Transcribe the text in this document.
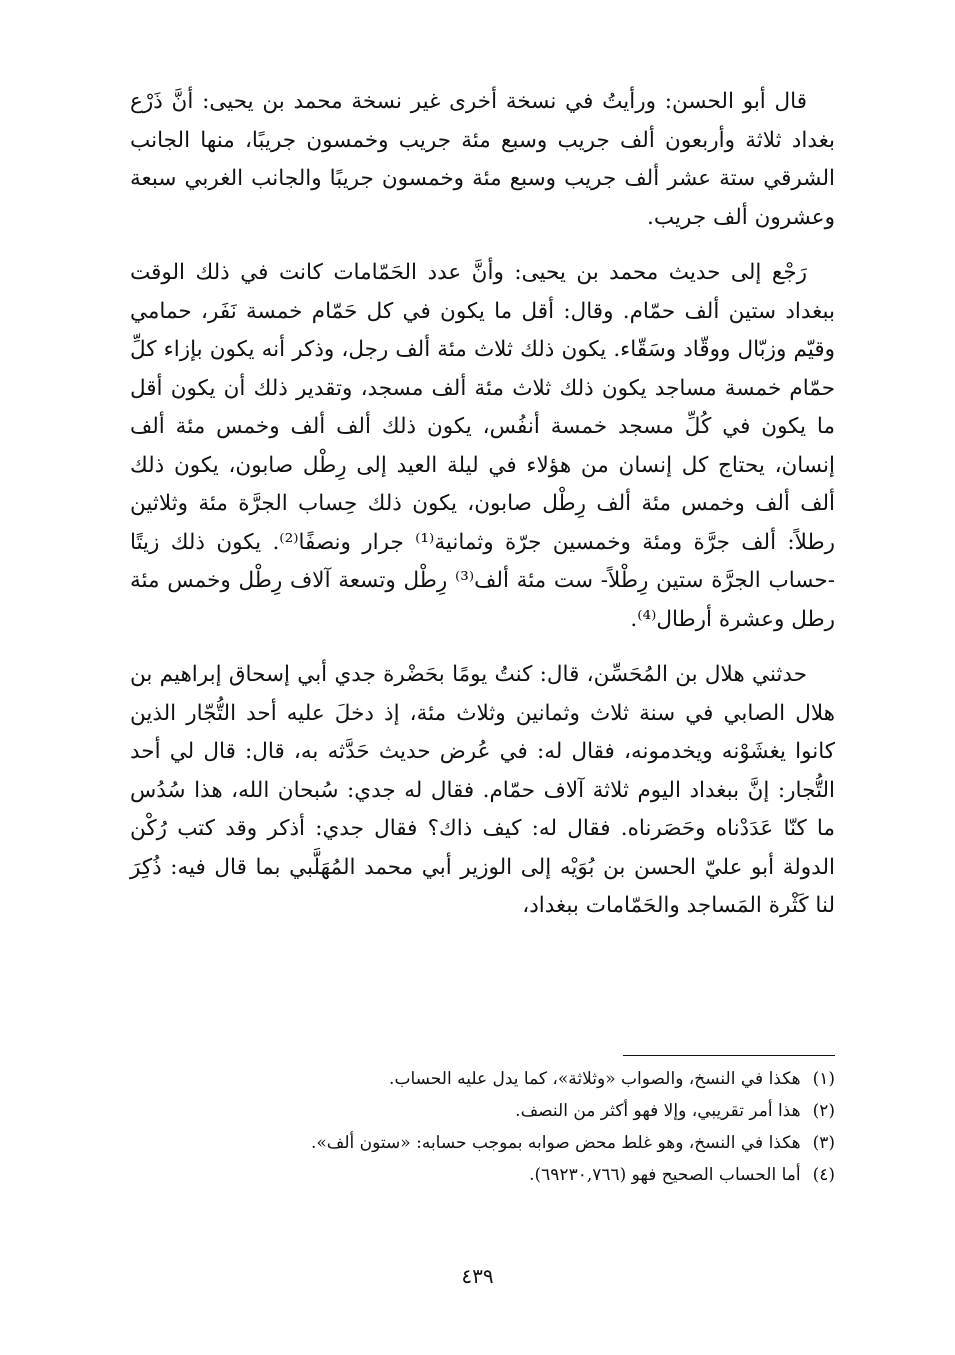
قال أبو الحسن: ورأيتُ في نسخة أخرى غير نسخة محمد بن يحيى: أنَّ ذَرْع بغداد ثلاثة وأربعون ألف جريب وسبع مئة جريب وخمسون جريبًا، منها الجانب الشرقي ستة عشر ألف جريب وسبع مئة وخمسون جريبًا والجانب الغربي سبعة وعشرون ألف جريب.

رَجْع إلى حديث محمد بن يحيى: وأنَّ عدد الحَمّامات كانت في ذلك الوقت ببغداد ستين ألف حمّام. وقال: أقل ما يكون في كل حَمّام خمسة نَفَر، حمامي وقيّم وزبّال ووقّاد وسَقّاء. يكون ذلك ثلاث مئة ألف رجل، وذكر أنه يكون بإزاء كلِّ حمّام خمسة مساجد يكون ذلك ثلاث مئة ألف مسجد، وتقدير ذلك أن يكون أقل ما يكون في كُلِّ مسجد خمسة أنفُس، يكون ذلك ألف ألف وخمس مئة ألف إنسان، يحتاج كل إنسان من هؤلاء في ليلة العيد إلى رِطْل صابون، يكون ذلك ألف ألف وخمس مئة ألف رِطْل صابون، يكون ذلك حِساب الجرَّة مئة وثلاثين رطلاً: ألف جرَّة ومئة وخمسين جرّة وثمانية⁽¹⁾ جرار ونصفًا⁽²⁾. يكون ذلك زيتًا -حساب الجرَّة ستين رِطْلاً- ست مئة ألف⁽³⁾ رِطْل وتسعة آلاف رِطْل وخمس مئة رطل وعشرة أرطال⁽⁴⁾.

حدثني هلال بن المُحَسِّن، قال: كنتُ يومًا بحَضْرة جدي أبي إسحاق إبراهيم بن هلال الصابي في سنة ثلاث وثمانين وثلاث مئة، إذ دخلَ عليه أحد التُّجّار الذين كانوا يغشَوْنه ويخدمونه، فقال له: في عُرض حديث حَدَّثه به، قال: قال لي أحد التُّجار: إنَّ ببغداد اليوم ثلاثة آلاف حمّام. فقال له جدي: سُبحان الله، هذا سُدُس ما كنّا عَدَدْناه وحَصَرناه. فقال له: كيف ذاك؟ فقال جدي: أذكر وقد كتب رُكْن الدولة أبو عليّ الحسن بن بُوَيْه إلى الوزير أبي محمد المُهَلَّبي بما قال فيه: ذُكِرَ لنا كَثْرة المَساجد والحَمّامات ببغداد،

(١)هكذا في النسخ، والصواب «وثلاثة»، كما يدل عليه الحساب.
(٢)هذا أمر تقريبي، وإلا فهو أكثر من النصف.
(٣)هكذا في النسخ، وهو غلط محض صوابه بموجب حسابه: «ستون ألف».
(٤)أما الحساب الصحيح فهو (٦٩٢٣٠,٧٦٦).
٤٣٩
